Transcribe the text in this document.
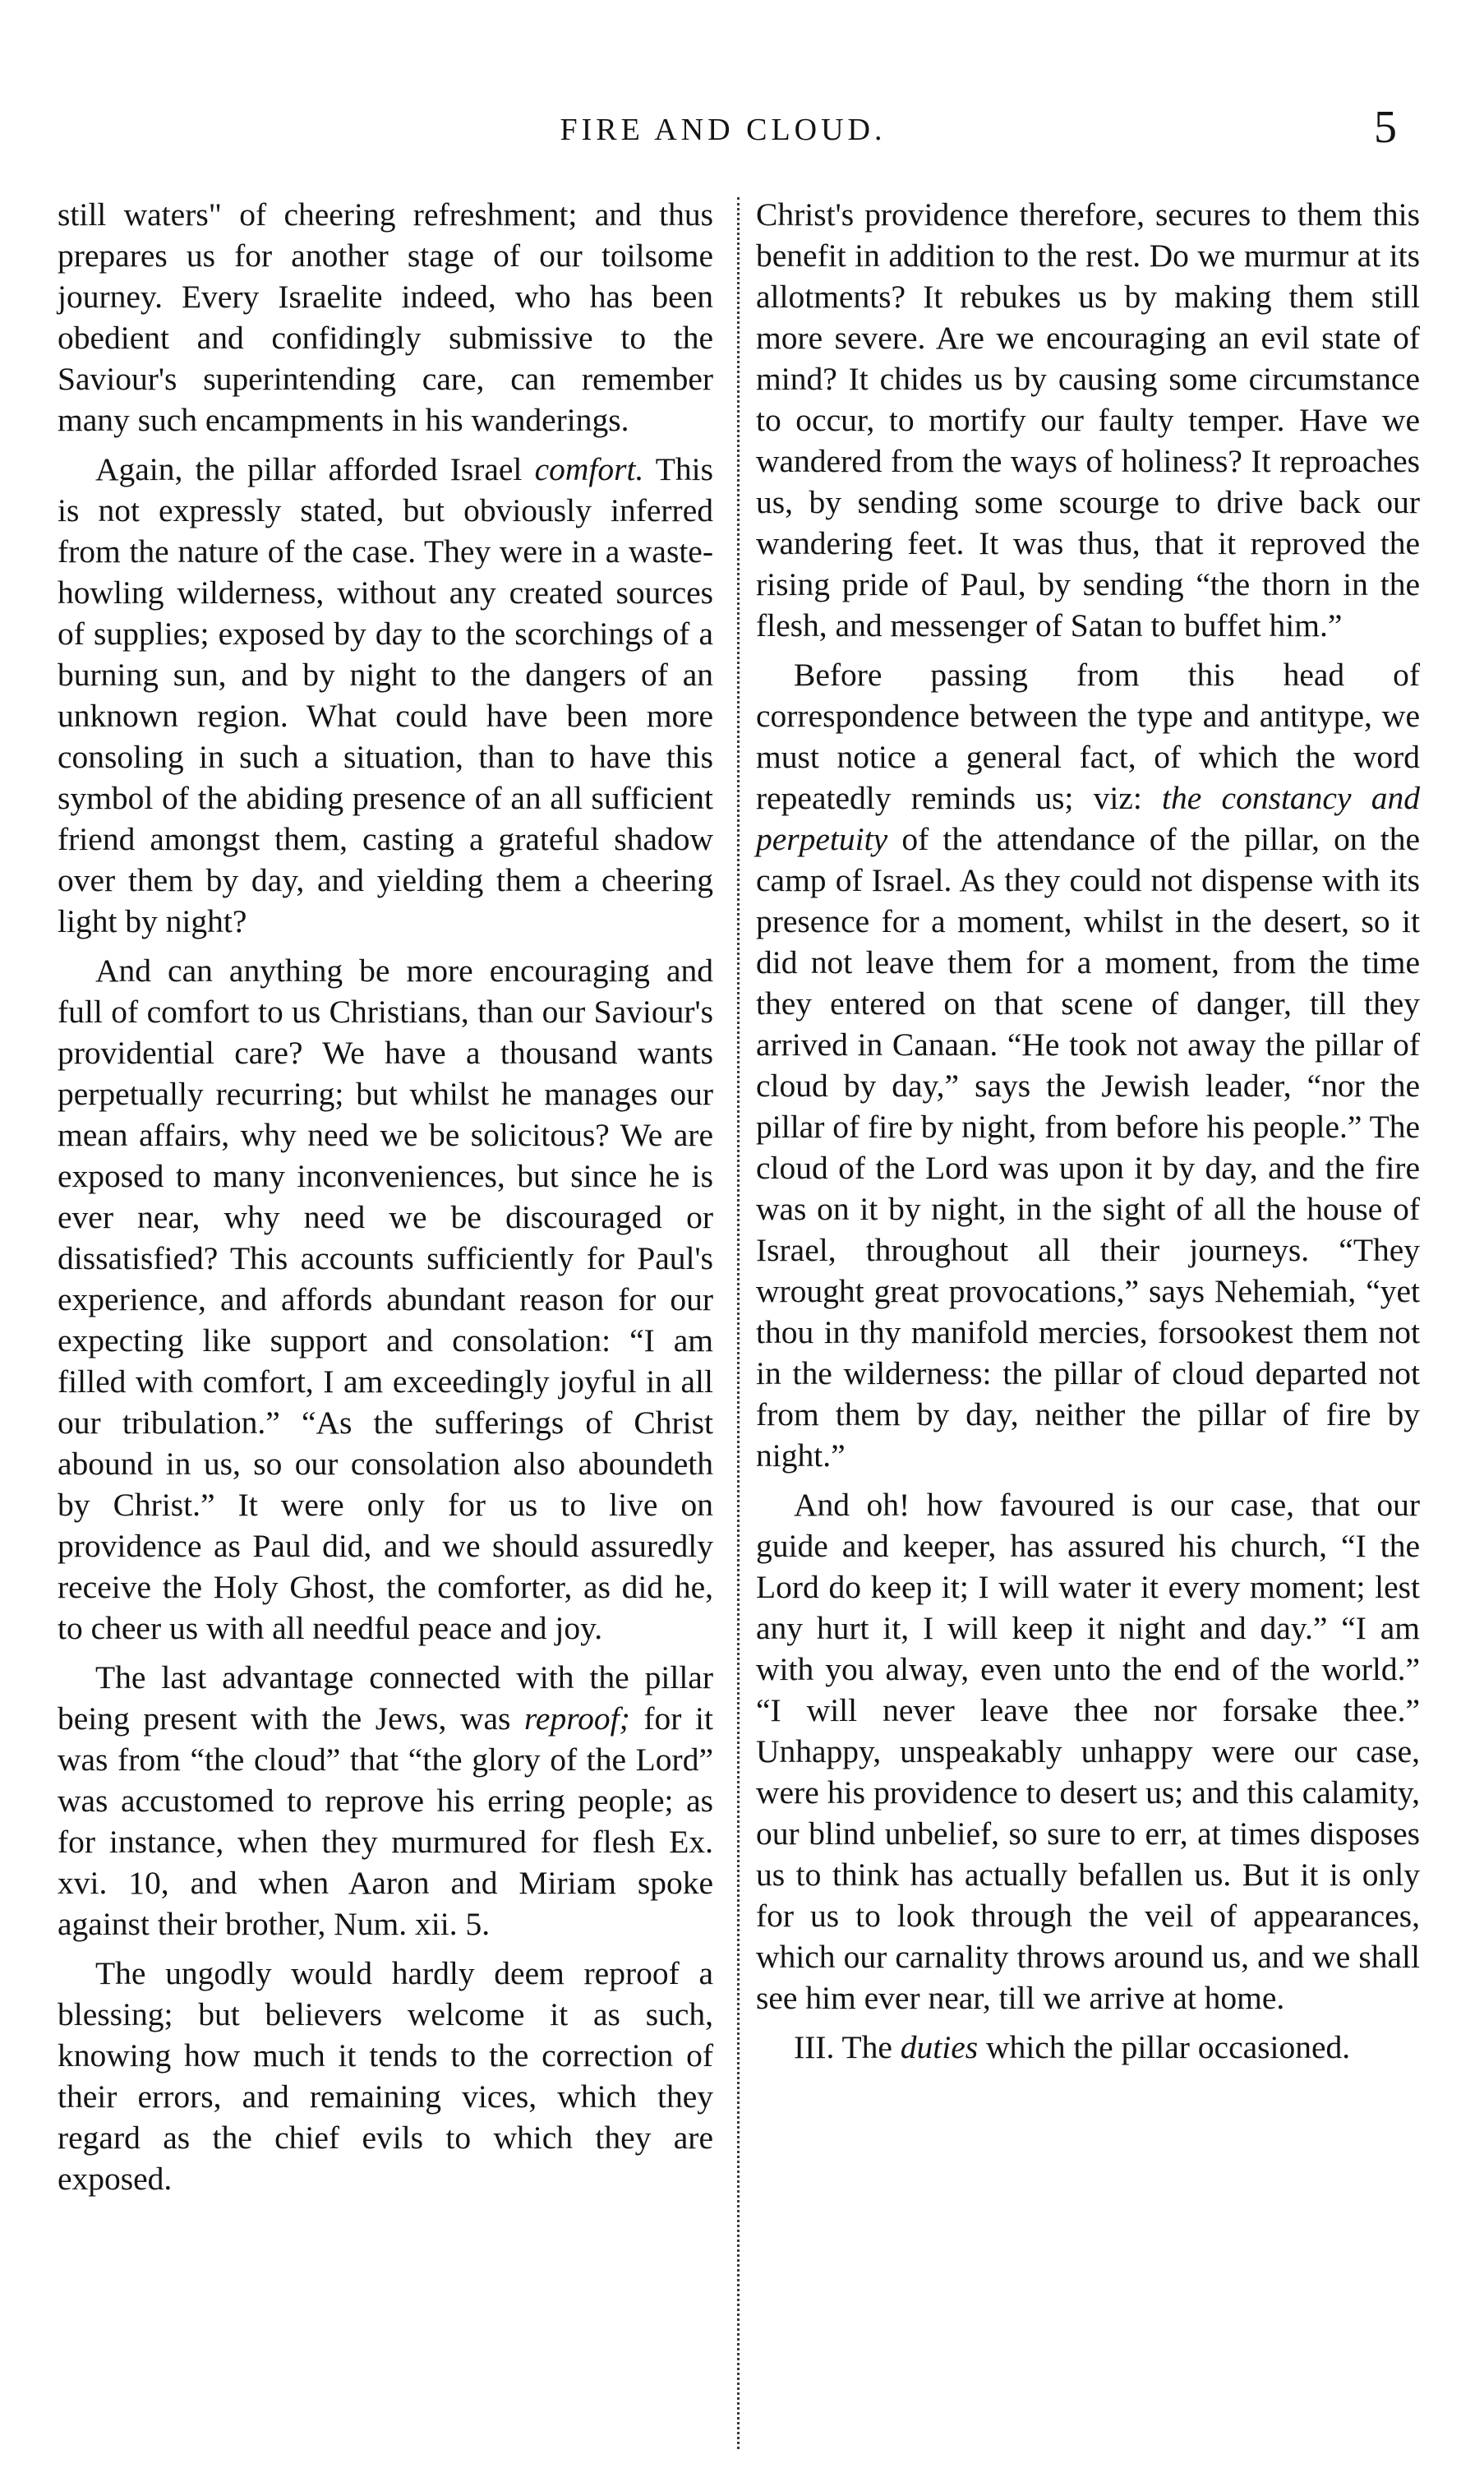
FIRE AND CLOUD.	5

still waters" of cheering refreshment; and thus prepares us for another stage of our toilsome journey. Every Israelite indeed, who has been obedient and confidingly submissive to the Saviour's superintending care, can remember many such encampments in his wanderings.

Again, the pillar afforded Israel comfort. This is not expressly stated, but obviously inferred from the nature of the case. They were in a waste-howling wilderness, without any created sources of supplies; exposed by day to the scorchings of a burning sun, and by night to the dangers of an unknown region. What could have been more consoling in such a situation, than to have this symbol of the abiding presence of an all sufficient friend amongst them, casting a grateful shadow over them by day, and yielding them a cheering light by night?

And can anything be more encouraging and full of comfort to us Christians, than our Saviour's providential care? We have a thousand wants perpetually recurring; but whilst he manages our mean affairs, why need we be solicitous? We are exposed to many inconveniences, but since he is ever near, why need we be discouraged or dissatisfied? This accounts sufficiently for Paul's experience, and affords abundant reason for our expecting like support and consolation: “I am filled with comfort, I am exceedingly joyful in all our tribulation.” “As the sufferings of Christ abound in us, so our consolation also aboundeth by Christ.” It were only for us to live on providence as Paul did, and we should assuredly receive the Holy Ghost, the comforter, as did he, to cheer us with all needful peace and joy.

The last advantage connected with the pillar being present with the Jews, was reproof; for it was from “the cloud” that “the glory of the Lord” was accustomed to reprove his erring people; as for instance, when they murmured for flesh Ex. xvi. 10, and when Aaron and Miriam spoke against their brother, Num. xii. 5.

The ungodly would hardly deem reproof a blessing; but believers welcome it as such, knowing how much it tends to the correction of their errors, and remaining vices, which they regard as the chief evils to which they are exposed.

Christ's providence therefore, secures to them this benefit in addition to the rest. Do we murmur at its allotments? It rebukes us by making them still more severe. Are we encouraging an evil state of mind? It chides us by causing some circumstance to occur, to mortify our faulty temper. Have we wandered from the ways of holiness? It reproaches us, by sending some scourge to drive back our wandering feet. It was thus, that it reproved the rising pride of Paul, by sending “the thorn in the flesh, and messenger of Satan to buffet him.”

Before passing from this head of correspondence between the type and antitype, we must notice a general fact, of which the word repeatedly reminds us; viz: the constancy and perpetuity of the attendance of the pillar, on the camp of Israel. As they could not dispense with its presence for a moment, whilst in the desert, so it did not leave them for a moment, from the time they entered on that scene of danger, till they arrived in Canaan. “He took not away the pillar of cloud by day,” says the Jewish leader, “nor the pillar of fire by night, from before his people.” The cloud of the Lord was upon it by day, and the fire was on it by night, in the sight of all the house of Israel, throughout all their journeys. “They wrought great provocations,” says Nehemiah, “yet thou in thy manifold mercies, forsookest them not in the wilderness: the pillar of cloud departed not from them by day, neither the pillar of fire by night.”

And oh! how favoured is our case, that our guide and keeper, has assured his church, “I the Lord do keep it; I will water it every moment; lest any hurt it, I will keep it night and day.” “I am with you alway, even unto the end of the world.” “I will never leave thee nor forsake thee.” Unhappy, unspeakably unhappy were our case, were his providence to desert us; and this calamity, our blind unbelief, so sure to err, at times disposes us to think has actually befallen us. But it is only for us to look through the veil of appearances, which our carnality throws around us, and we shall see him ever near, till we arrive at home.

III. The duties which the pillar occasioned.
